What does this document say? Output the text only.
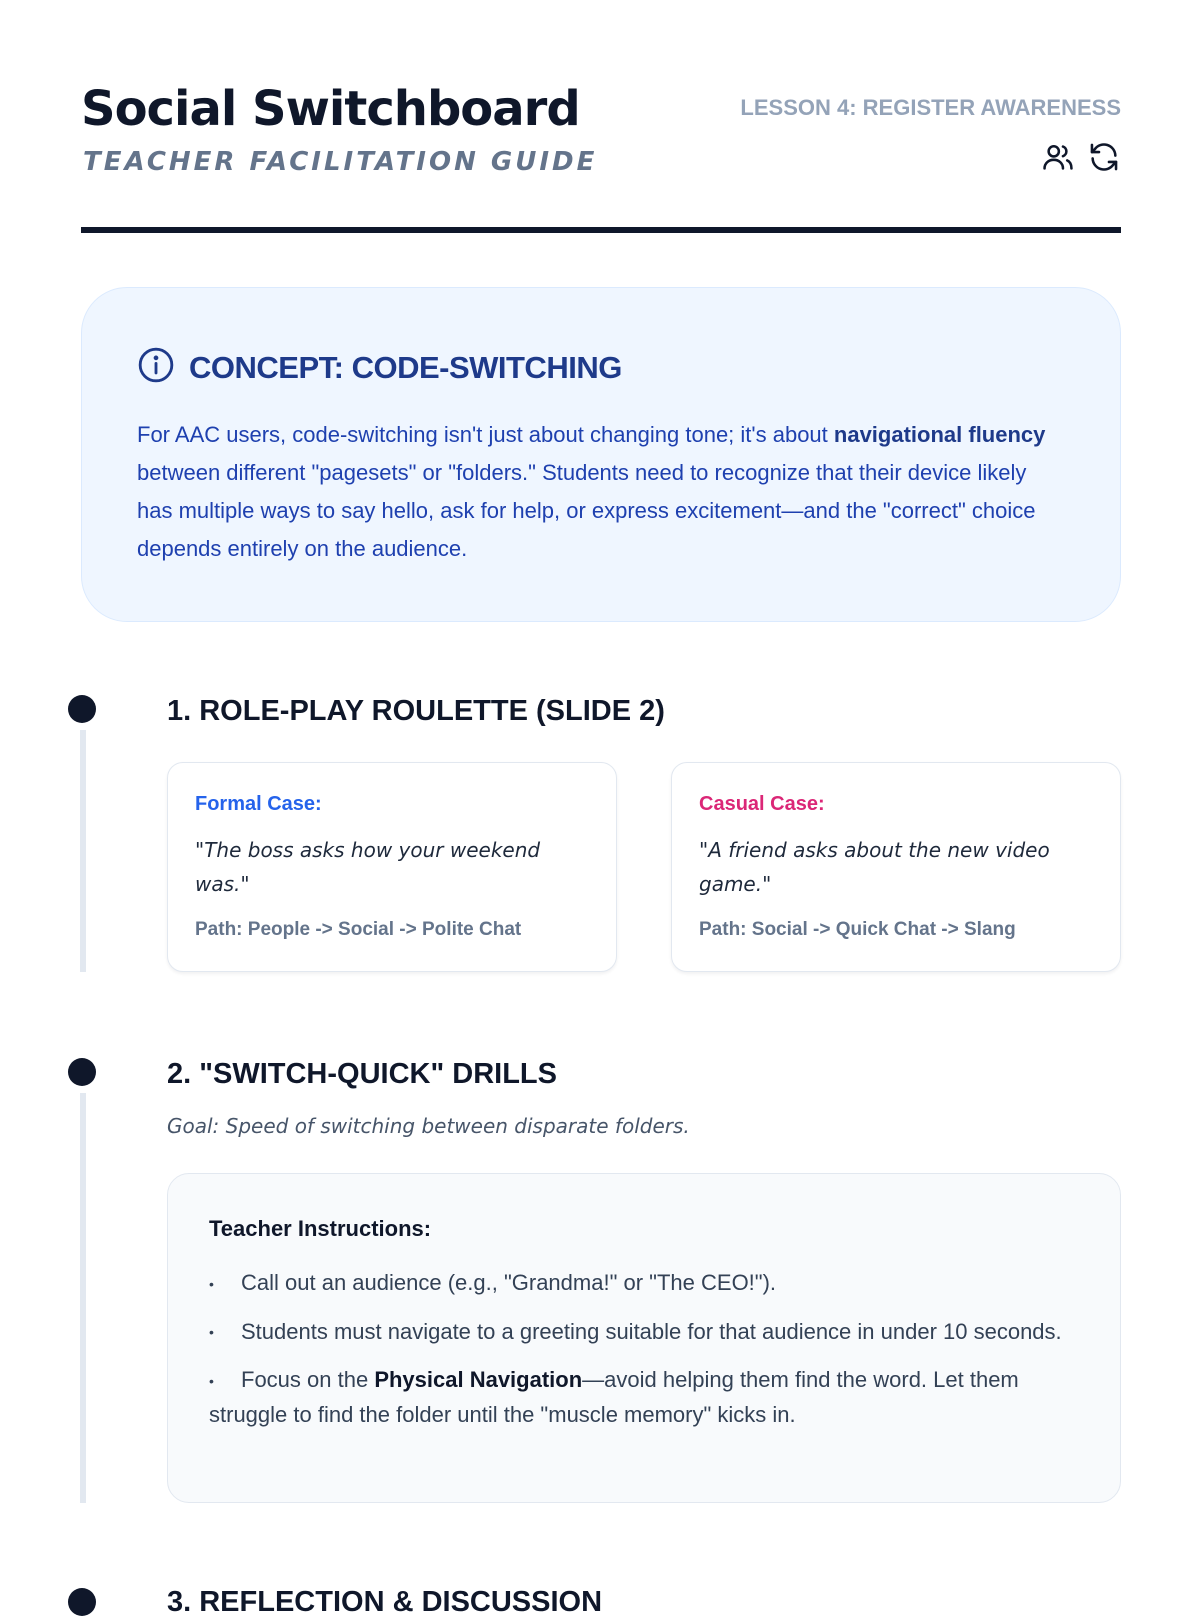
Social Switchboard
TEACHER FACILITATION GUIDE
LESSON 4: REGISTER AWARENESS
CONCEPT: CODE-SWITCHING

For AAC users, code-switching isn't just about changing tone; it's about navigational fluency between different "pagesets" or "folders." Students need to recognize that their device likely has multiple ways to say hello, ask for help, or express excitement—and the "correct" choice depends entirely on the audience.

1. ROLE-PLAY ROULETTE (SLIDE 2)
Formal Case:
"The boss asks how your weekend was."
Path: People -> Social -> Polite Chat
Casual Case:
"A friend asks about the new video game."
Path: Social -> Quick Chat -> Slang
2. "SWITCH-QUICK" DRILLS
Goal: Speed of switching between disparate folders.
Teacher Instructions:
• Call out an audience (e.g., "Grandma!" or "The CEO!").
• Students must navigate to a greeting suitable for that audience in under 10 seconds.
• Focus on the Physical Navigation—avoid helping them find the word. Let them struggle to find the folder until the "muscle memory" kicks in.
3. REFLECTION & DISCUSSION
